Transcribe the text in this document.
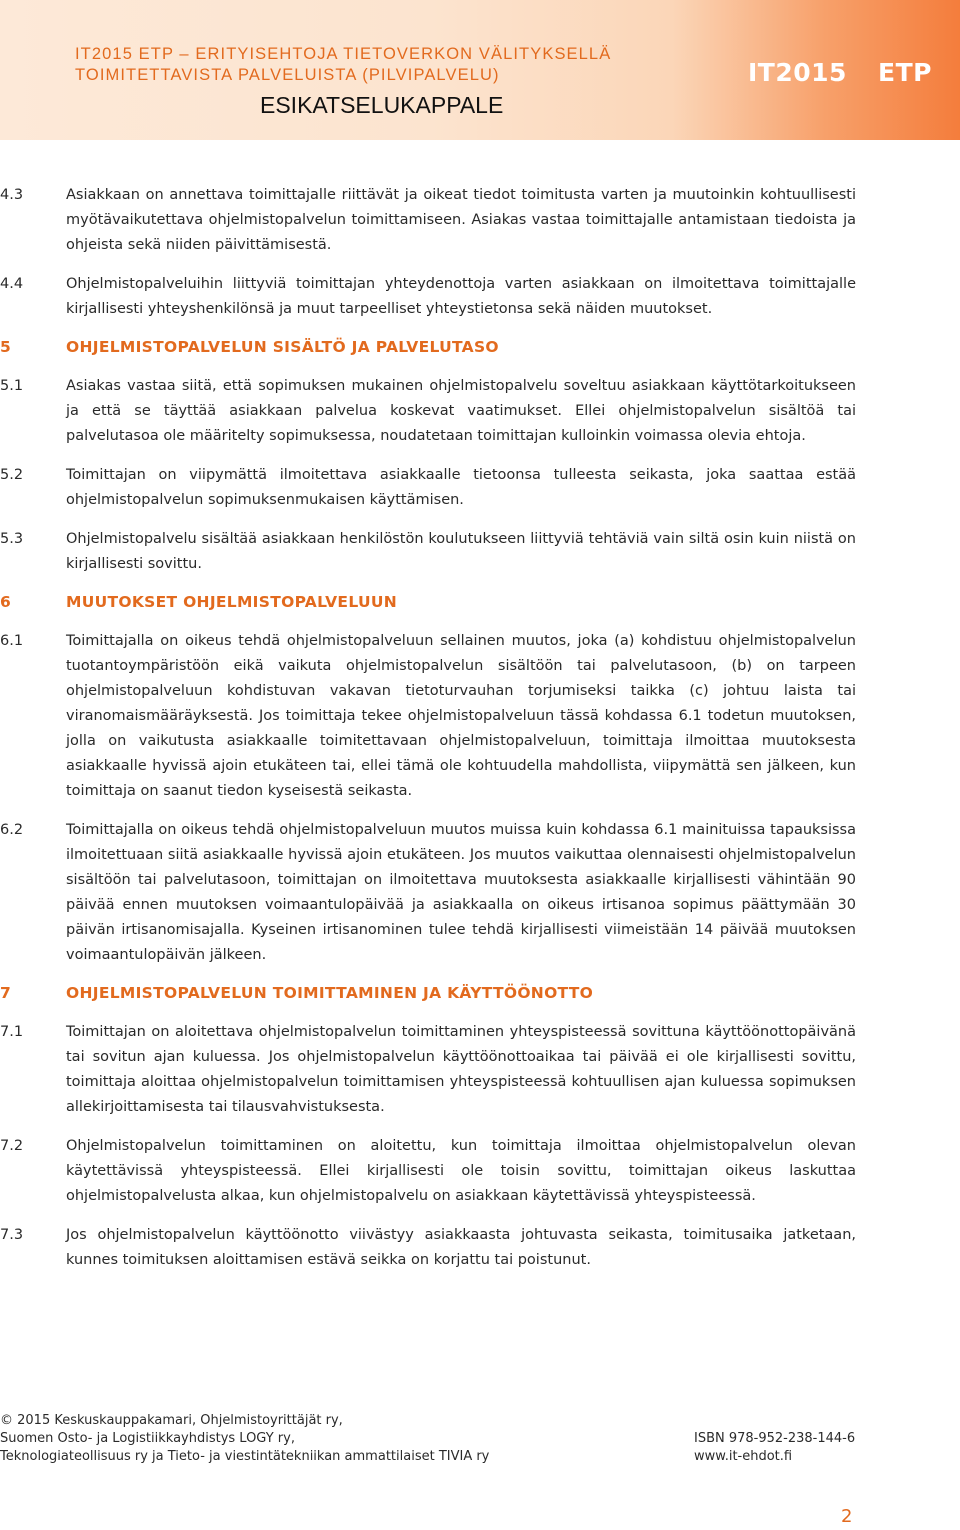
IT2015 ETP – ERITYISEHTOJA TIETOVERKON VÄLITYKSELLÄ
TOIMITETTAVISTA PALVELUISTA (PILVIPALVELU)	IT2015 ETP
ESIKATSELUKAPPALE
4.3	Asiakkaan on annettava toimittajalle riittävät ja oikeat tiedot toimitusta varten ja muutoinkin kohtuullisesti myötävaikutettava ohjelmistopalvelun toimittamiseen. Asiakas vastaa toimittajalle antamistaan tiedoista ja ohjeista sekä niiden päivittämisestä.
4.4	Ohjelmistopalveluihin liittyviä toimittajan yhteydenottoja varten asiakkaan on ilmoitettava toimittajalle kirjallisesti yhteyshenkilönsä ja muut tarpeelliset yhteystietonsa sekä näiden muutokset.
5	OHJELMISTOPALVELUN SISÄLTÖ JA PALVELUTASO
5.1	Asiakas vastaa siitä, että sopimuksen mukainen ohjelmistopalvelu soveltuu asiakkaan käyttötarkoitukseen ja että se täyttää asiakkaan palvelua koskevat vaatimukset. Ellei ohjelmistopalvelun sisältöä tai palvelutasoa ole määritelty sopimuksessa, noudatetaan toimittajan kulloinkin voimassa olevia ehtoja.
5.2	Toimittajan on viipymättä ilmoitettava asiakkaalle tietoonsa tulleesta seikasta, joka saattaa estää ohjelmistopalvelun sopimuksenmukaisen käyttämisen.
5.3	Ohjelmistopalvelu sisältää asiakkaan henkilöstön koulutukseen liittyviä tehtäviä vain siltä osin kuin niistä on kirjallisesti sovittu.
6	MUUTOKSET OHJELMISTOPALVELUUN
6.1	Toimittajalla on oikeus tehdä ohjelmistopalveluun sellainen muutos, joka (a) kohdistuu ohjelmistopalvelun tuotantoympäristöön eikä vaikuta ohjelmistopalvelun sisältöön tai palvelutasoon, (b) on tarpeen ohjelmistopalveluun kohdistuvan vakavan tietoturvauhan torjumiseksi taikka (c) johtuu laista tai viranomaismääräyksestä. Jos toimittaja tekee ohjelmistopalveluun tässä kohdassa 6.1 todetun muutoksen, jolla on vaikutusta asiakkaalle toimitettavaan ohjelmistopalveluun, toimittaja ilmoittaa muutoksesta asiakkaalle hyvissä ajoin etukäteen tai, ellei tämä ole kohtuudella mahdollista, viipymättä sen jälkeen, kun toimittaja on saanut tiedon kyseisestä seikasta.
6.2	Toimittajalla on oikeus tehdä ohjelmistopalveluun muutos muissa kuin kohdassa 6.1 mainituissa tapauksissa ilmoitettuaan siitä asiakkaalle hyvissä ajoin etukäteen. Jos muutos vaikuttaa olennaisesti ohjelmistopalvelun sisältöön tai palvelutasoon, toimittajan on ilmoitettava muutoksesta asiakkaalle kirjallisesti vähintään 90 päivää ennen muutoksen voimaantulopäivää ja asiakkaalla on oikeus irtisanoa sopimus päättymään 30 päivän irtisanomisajalla. Kyseinen irtisanominen tulee tehdä kirjallisesti viimeistään 14 päivää muutoksen voimaantulopäivän jälkeen.
7	OHJELMISTOPALVELUN TOIMITTAMINEN JA KÄYTTÖÖNOTTO
7.1	Toimittajan on aloitettava ohjelmistopalvelun toimittaminen yhteyspisteessä sovittuna käyttöönottopäivänä tai sovitun ajan kuluessa. Jos ohjelmistopalvelun käyttöönottoaikaa tai päivää ei ole kirjallisesti sovittu, toimittaja aloittaa ohjelmistopalvelun toimittamisen yhteyspisteessä kohtuullisen ajan kuluessa sopimuksen allekirjoittamisesta tai tilausvahvistuksesta.
7.2	Ohjelmistopalvelun toimittaminen on aloitettu, kun toimittaja ilmoittaa ohjelmistopalvelun olevan käytettävissä yhteyspisteessä. Ellei kirjallisesti ole toisin sovittu, toimittajan oikeus laskuttaa ohjelmistopalvelusta alkaa, kun ohjelmistopalvelu on asiakkaan käytettävissä yhteyspisteessä.
7.3	Jos ohjelmistopalvelun käyttöönotto viivästyy asiakkaasta johtuvasta seikasta, toimitusaika jatketaan, kunnes toimituksen aloittamisen estävä seikka on korjattu tai poistunut.
© 2015 Keskuskauppakamari, Ohjelmistoyrittäjät ry,
Suomen Osto- ja Logistiikkayhdistys LOGY ry,
Teknologiateollisuus ry ja Tieto- ja viestintätekniikan ammattilaiset TIVIA ry
ISBN 978-952-238-144-6
www.it-ehdot.fi
2
